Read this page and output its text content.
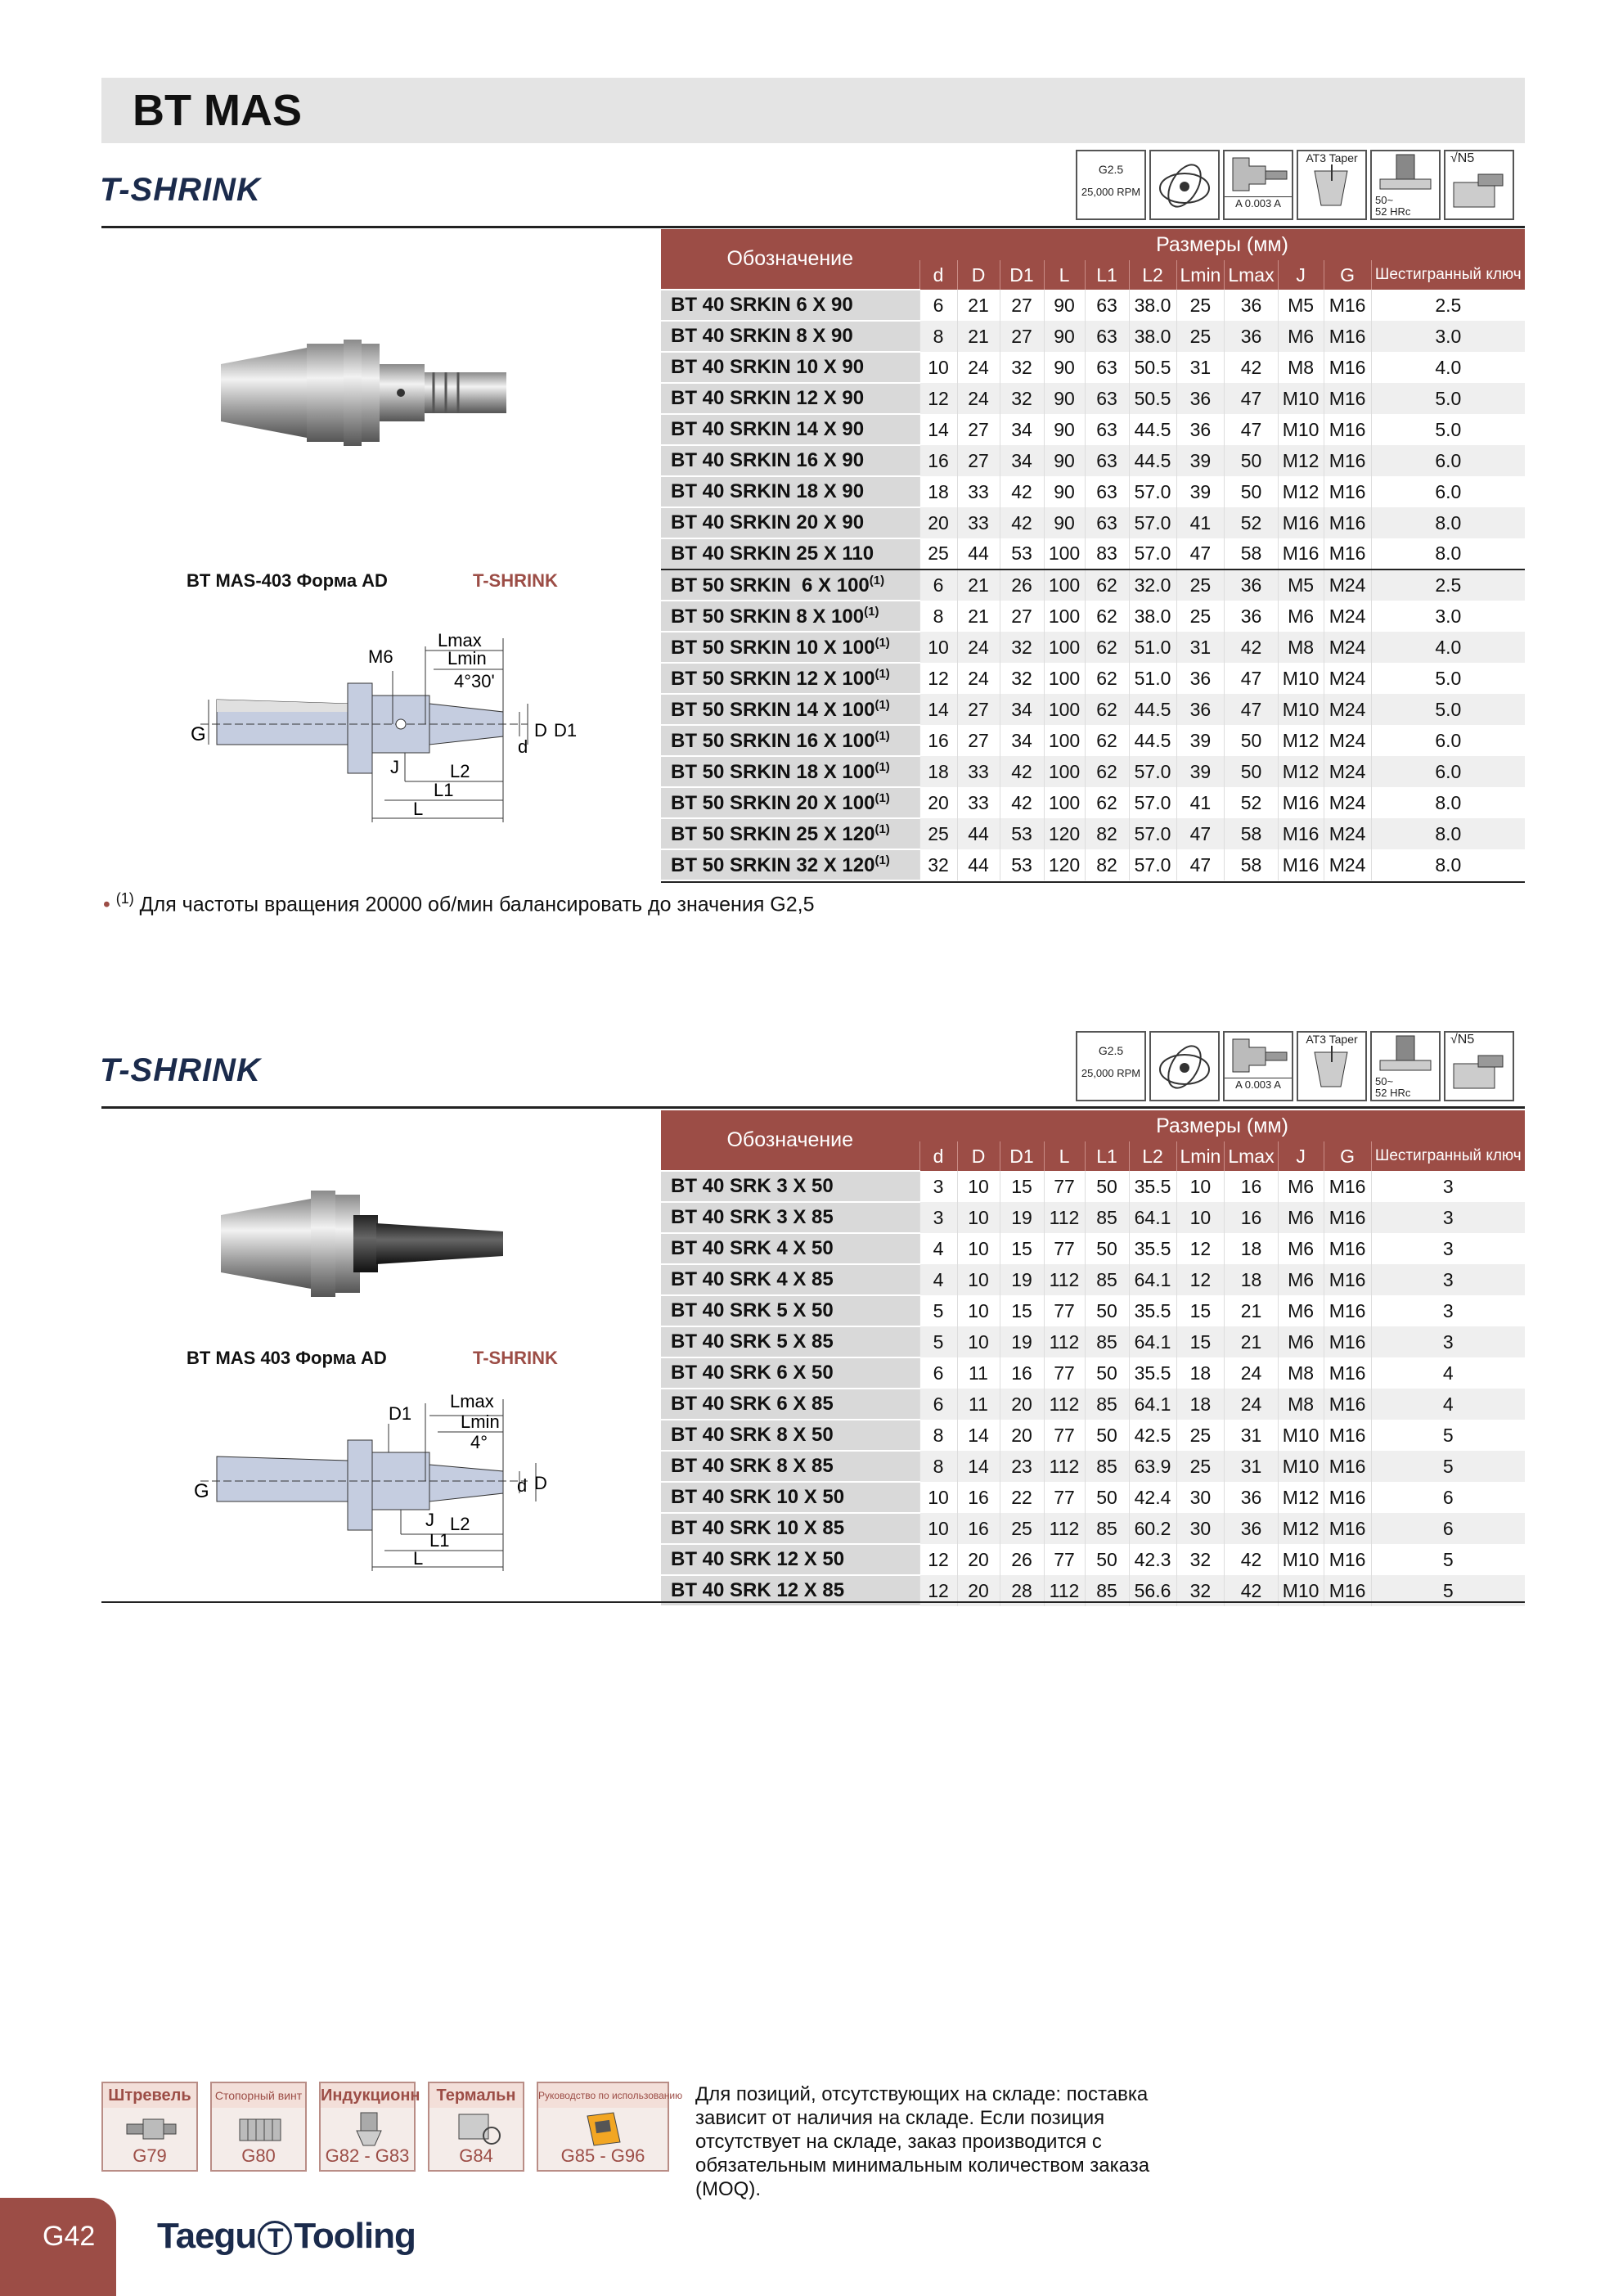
BT MAS
T-SHRINK
G2.5
25,000 RPM
A 0.003 A
AT3 Taper
50~
52 HRc
√N5
BT MAS-403 Форма AD	T-SHRINK
Lmax
Lmin
M6
4°30'
G
d
D D1
J	L2
L1
L
Обозначение	Размеры (мм)										
	d	D	D1	L	L1	L2	Lmin	Lmax	J	G	Шестигранный ключ
BT 40 SRKIN 6 X 90	6	21	27	90	63	38.0	25	36	M5	M16	2.5
BT 40 SRKIN 8 X 90	8	21	27	90	63	38.0	25	36	M6	M16	3.0
BT 40 SRKIN 10 X 90	10	24	32	90	63	50.5	31	42	M8	M16	4.0
BT 40 SRKIN 12 X 90	12	24	32	90	63	50.5	36	47	M10	M16	5.0
BT 40 SRKIN 14 X 90	14	27	34	90	63	44.5	36	47	M10	M16	5.0
BT 40 SRKIN 16 X 90	16	27	34	90	63	44.5	39	50	M12	M16	6.0
BT 40 SRKIN 18 X 90	18	33	42	90	63	57.0	39	50	M12	M16	6.0
BT 40 SRKIN 20 X 90	20	33	42	90	63	57.0	41	52	M16	M16	8.0
BT 40 SRKIN 25 X 110	25	44	53	100	83	57.0	47	58	M16	M16	8.0
BT 50 SRKIN  6 X 100$^{(1)}$	6	21	26	100	62	32.0	25	36	M5	M24	2.5
BT 50 SRKIN 8 X 100$^{(1)}$	8	21	27	100	62	38.0	25	36	M6	M24	3.0
BT 50 SRKIN 10 X 100$^{(1)}$	10	24	32	100	62	51.0	31	42	M8	M24	4.0
BT 50 SRKIN 12 X 100$^{(1)}$	12	24	32	100	62	51.0	36	47	M10	M24	5.0
BT 50 SRKIN 14 X 100$^{(1)}$	14	27	34	100	62	44.5	36	47	M10	M24	5.0
BT 50 SRKIN 16 X 100$^{(1)}$	16	27	34	100	62	44.5	39	50	M12	M24	6.0
BT 50 SRKIN 18 X 100$^{(1)}$	18	33	42	100	62	57.0	39	50	M12	M24	6.0
BT 50 SRKIN 20 X 100$^{(1)}$	20	33	42	100	62	57.0	41	52	M16	M24	8.0
BT 50 SRKIN 25 X 120$^{(1)}$	25	44	53	120	82	57.0	47	58	M16	M24	8.0
BT 50 SRKIN 32 X 120$^{(1)}$	32	44	53	120	82	57.0	47	58	M16	M24	8.0
• $^{(1)}$ Для частоты вращения 20000 об/мин балансировать до значения G2,5
T-SHRINK
G2.5
25,000 RPM
A 0.003 A
AT3 Taper
50~
52 HRc
√N5
BT MAS 403 Форма AD	T-SHRINK
Lmax
Lmin
D1
4°
G	d D
J L2
L1
L
Обозначение	Размеры (мм)										
	d	D	D1	L	L1	L2	Lmin	Lmax	J	G	Шестигранный ключ
BT 40 SRK 3 X 50	3	10	15	77	50	35.5	10	16	M6	M16	3
BT 40 SRK 3 X 85	3	10	19	112	85	64.1	10	16	M6	M16	3
BT 40 SRK 4 X 50	4	10	15	77	50	35.5	12	18	M6	M16	3
BT 40 SRK 4 X 85	4	10	19	112	85	64.1	12	18	M6	M16	3
BT 40 SRK 5 X 50	5	10	15	77	50	35.5	15	21	M6	M16	3
BT 40 SRK 5 X 85	5	10	19	112	85	64.1	15	21	M6	M16	3
BT 40 SRK 6 X 50	6	11	16	77	50	35.5	18	24	M8	M16	4
BT 40 SRK 6 X 85	6	11	20	112	85	64.1	18	24	M8	M16	4
BT 40 SRK 8 X 50	8	14	20	77	50	42.5	25	31	M10	M16	5
BT 40 SRK 8 X 85	8	14	23	112	85	63.9	25	31	M10	M16	5
BT 40 SRK 10 X 50	10	16	22	77	50	42.4	30	36	M12	M16	6
BT 40 SRK 10 X 85	10	16	25	112	85	60.2	30	36	M12	M16	6
BT 40 SRK 12 X 50	12	20	26	77	50	42.3	32	42	M10	M16	5
BT 40 SRK 12 X 85	12	20	28	112	85	56.6	32	42	M10	M16	5
Штревель
G79
Стопорный винт
G80
Индукционн
G82 - G83
Термальн
G84
Руководство по использованию
G85 - G96
Для позиций, отсутствующих на складе: поставка зависит от наличия на складе. Если позиция отсутствует на складе, заказ производится с обязательным минимальным количеством заказа (MOQ).
G42 Taegu T Tooling
